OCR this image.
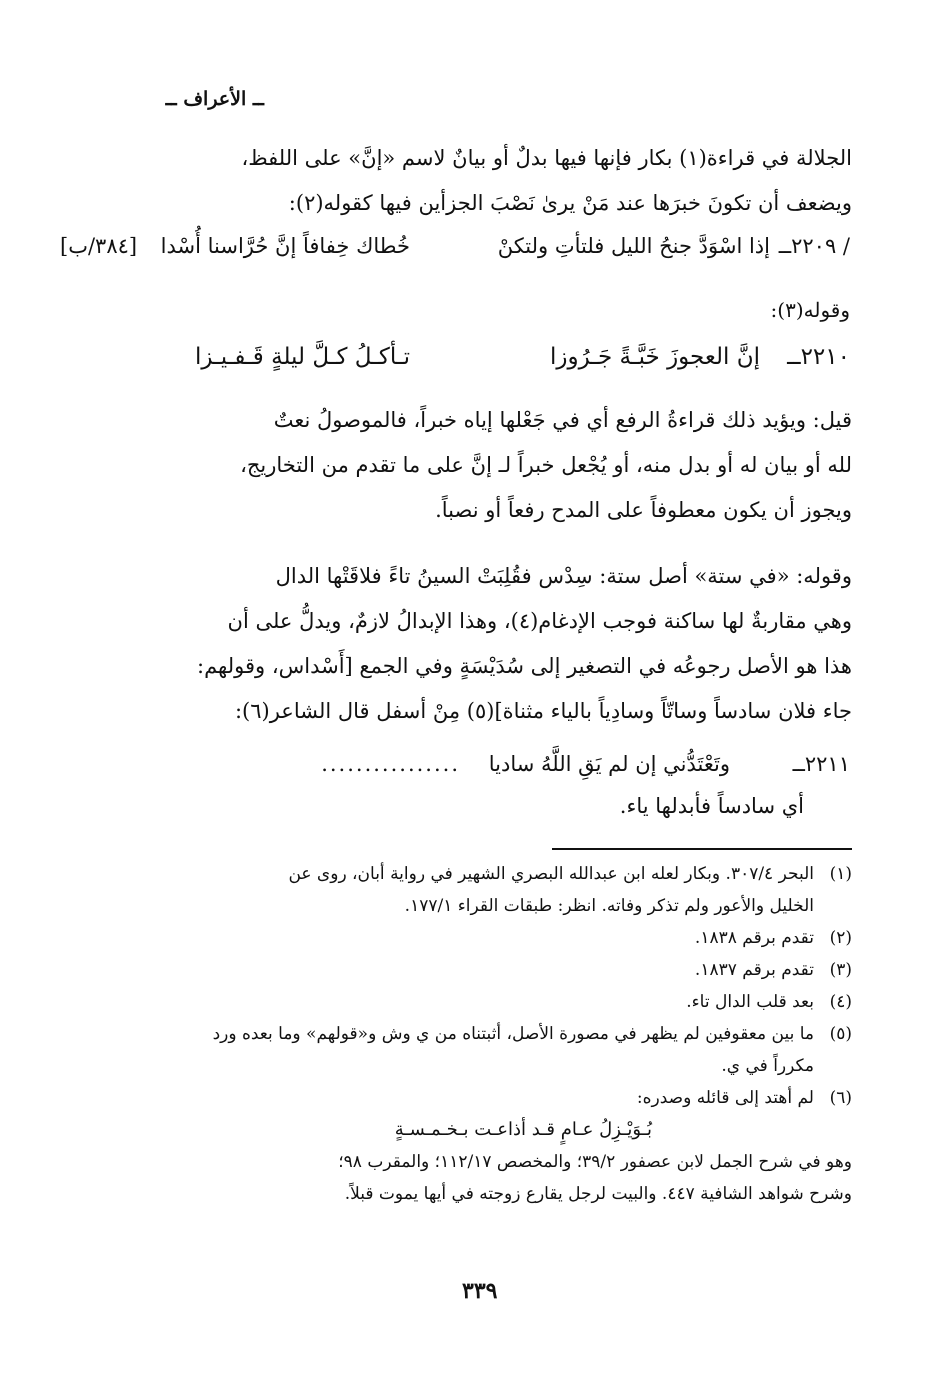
ــ الأعراف ــ
الجلالة في قراءة(١) بكار فإنها فيها بدلٌ أو بيانٌ لاسم «إنَّ» على اللفظ،
ويضعف أن تكونَ خبرَها عند مَنْ يرىٰ نَصْبَ الجزأين فيها كقوله(٢):
/ ٢٢٠٩ــ
إذا اسْوَدَّ جنحُ الليل فلتأتِ ولتكنْ
خُطاك خِفافاً إنَّ حُرَّاسنا أُسْدا
[٣٨٤/ب]
وقوله(٣):
٢٢١٠ــ
إنَّ العجوزَ خَبَّـةً جَـرُوزا
تـأكـلُ كـلَّ ليلةٍ قَـفـيـزا
قيل: ويؤيد ذلك قراءةُ الرفع أي في جَعْلها إياه خبراً، فالموصولُ نعتٌ
لله أو بيان له أو بدل منه، أو يُجْعل خبراً لـ إنَّ على ما تقدم من التخاريج،
ويجوز أن يكون معطوفاً على المدح رفعاً أو نصباً.
وقوله: «في ستة» أصل ستة: سِدْس فقُلِبَتْ السينُ تاءً فلاقَتْها الدال
وهي مقاربةٌ لها ساكنة فوجب الإدغام(٤)، وهذا الإبدالُ لازمٌ، ويدلُّ على أن
هذا هو الأصل رجوعُه في التصغير إلى سُدَيْسَةٍ وفي الجمع [أَسْداس، وقولهم:
جاء فلان سادساً وساتّاً وسادِياً بالياء مثناة](٥) مِنْ أسفل قال الشاعر(٦):
٢٢١١ــ
وتَعْتَدُّني إن لم يَقِ اللَّهُ ساديا
................
أي سادساً فأبدلها ياء.
(١)البحر ٣٠٧/٤. وبكار لعله ابن عبدالله البصري الشهير في رواية أبان، روى عن
الخليل والأعور ولم تذكر وفاته. انظر: طبقات القراء ١٧٧/١.
(٢)تقدم برقم ١٨٣٨.
(٣)تقدم برقم ١٨٣٧.
(٤)بعد قلب الدال تاء.
(٥)ما بين معقوفين لم يظهر في مصورة الأصل، أثبتناه من ي وش و«قولهم» وما بعده ورد
مكرراً في ي.
(٦)لم أهتد إلى قائله وصدره:
بُـوَيْـزِلُ عـامٍ قـد أذاعـت بـخـمـسـةٍ
وهو في شرح الجمل لابن عصفور ٣٩/٢؛ والمخصص ١١٢/١٧؛ والمقرب ٩٨؛
وشرح شواهد الشافية ٤٤٧. والبيت لرجل يقارع زوجته في أيها يموت قبلاً.
٣٣٩
